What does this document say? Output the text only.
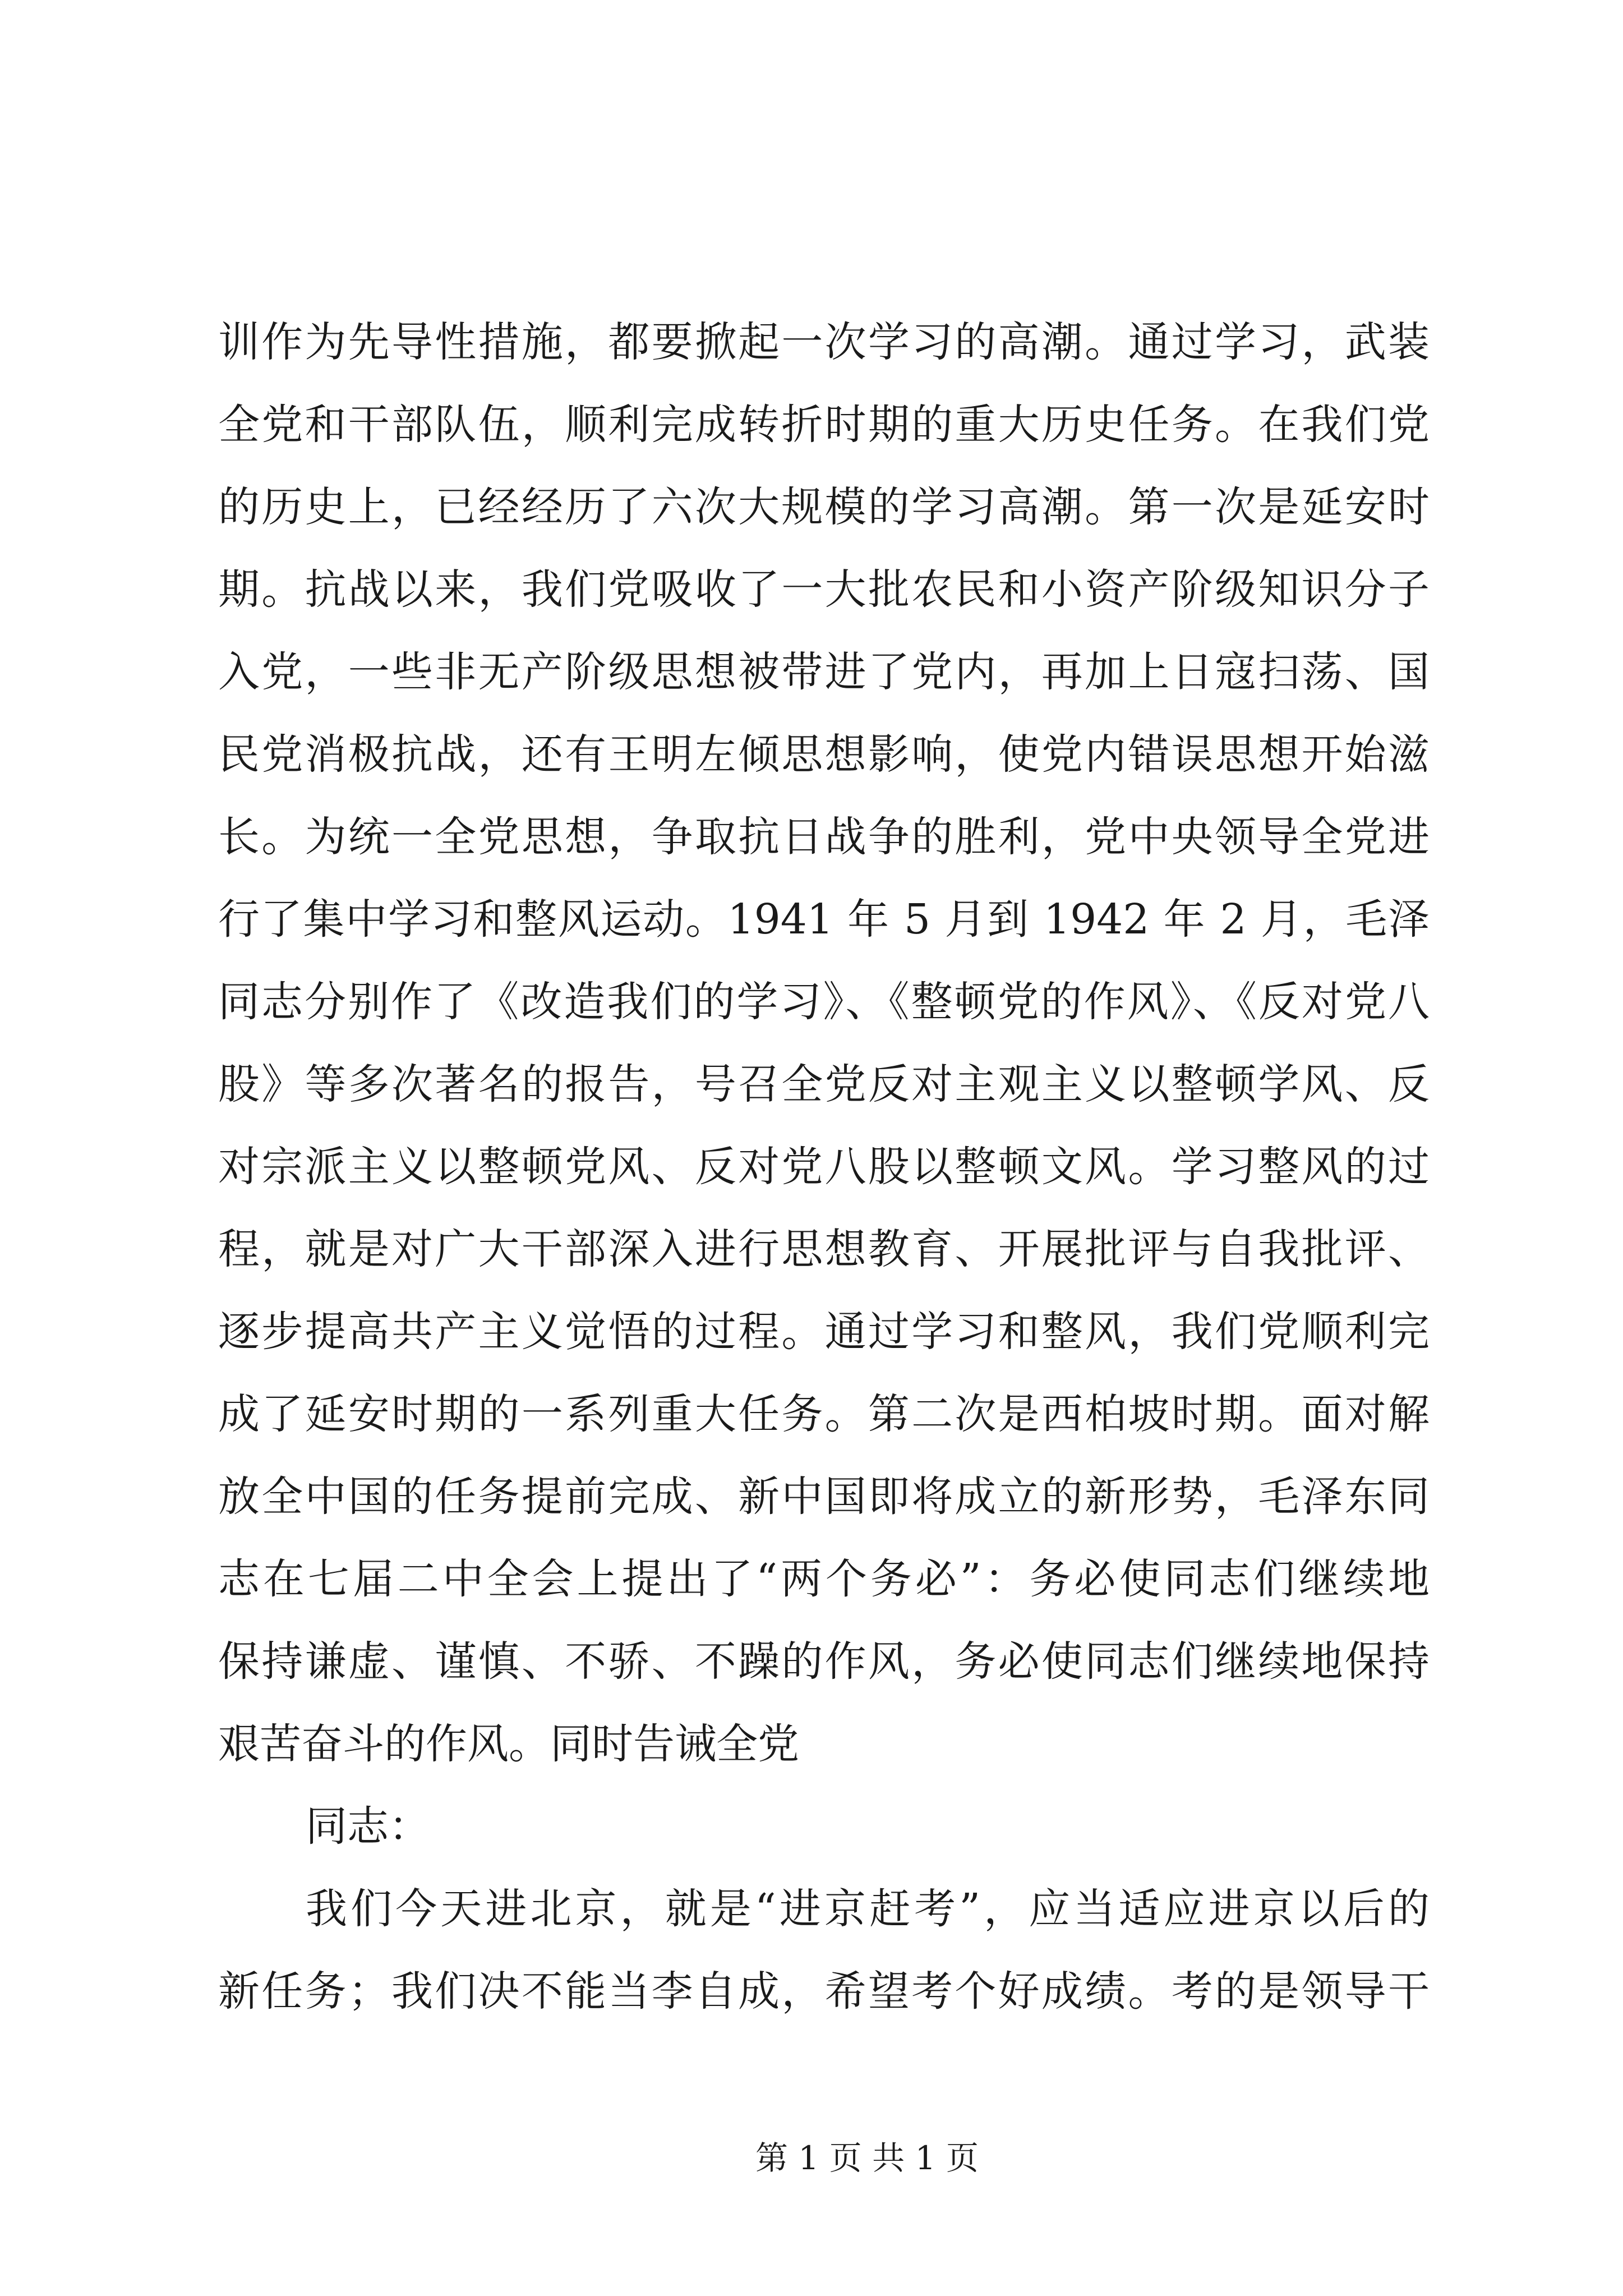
训作为先导性措施，都要掀起一次学习的高潮。通过学习，武装
全党和干部队伍，顺利完成转折时期的重大历史任务。在我们党
的历史上，已经经历了六次大规模的学习高潮。第一次是延安时
期。抗战以来，我们党吸收了一大批农民和小资产阶级知识分子
入党，一些非无产阶级思想被带进了党内，再加上日寇扫荡、国
民党消极抗战，还有王明左倾思想影响，使党内错误思想开始滋
长。为统一全党思想，争取抗日战争的胜利，党中央领导全党进
行了集中学习和整风运动。1941 年 5 月到 1942 年 2 月，毛泽
同志分别作了《改造我们的学习》、《整顿党的作风》、《反对党八
股》等多次著名的报告，号召全党反对主观主义以整顿学风、反
对宗派主义以整顿党风、反对党八股以整顿文风。学习整风的过
程，就是对广大干部深入进行思想教育、开展批评与自我批评、
逐步提高共产主义觉悟的过程。通过学习和整风，我们党顺利完
成了延安时期的一系列重大任务。第二次是西柏坡时期。面对解
放全中国的任务提前完成、新中国即将成立的新形势，毛泽东同
志在七届二中全会上提出了“两个务必”：务必使同志们继续地
保持谦虚、谨慎、不骄、不躁的作风，务必使同志们继续地保持
艰苦奋斗的作风。同时告诫全党
同志：
我们今天进北京，就是“进京赶考”，应当适应进京以后的
新任务；我们决不能当李自成，希望考个好成绩。考的是领导干
第 1 页 共 1 页
